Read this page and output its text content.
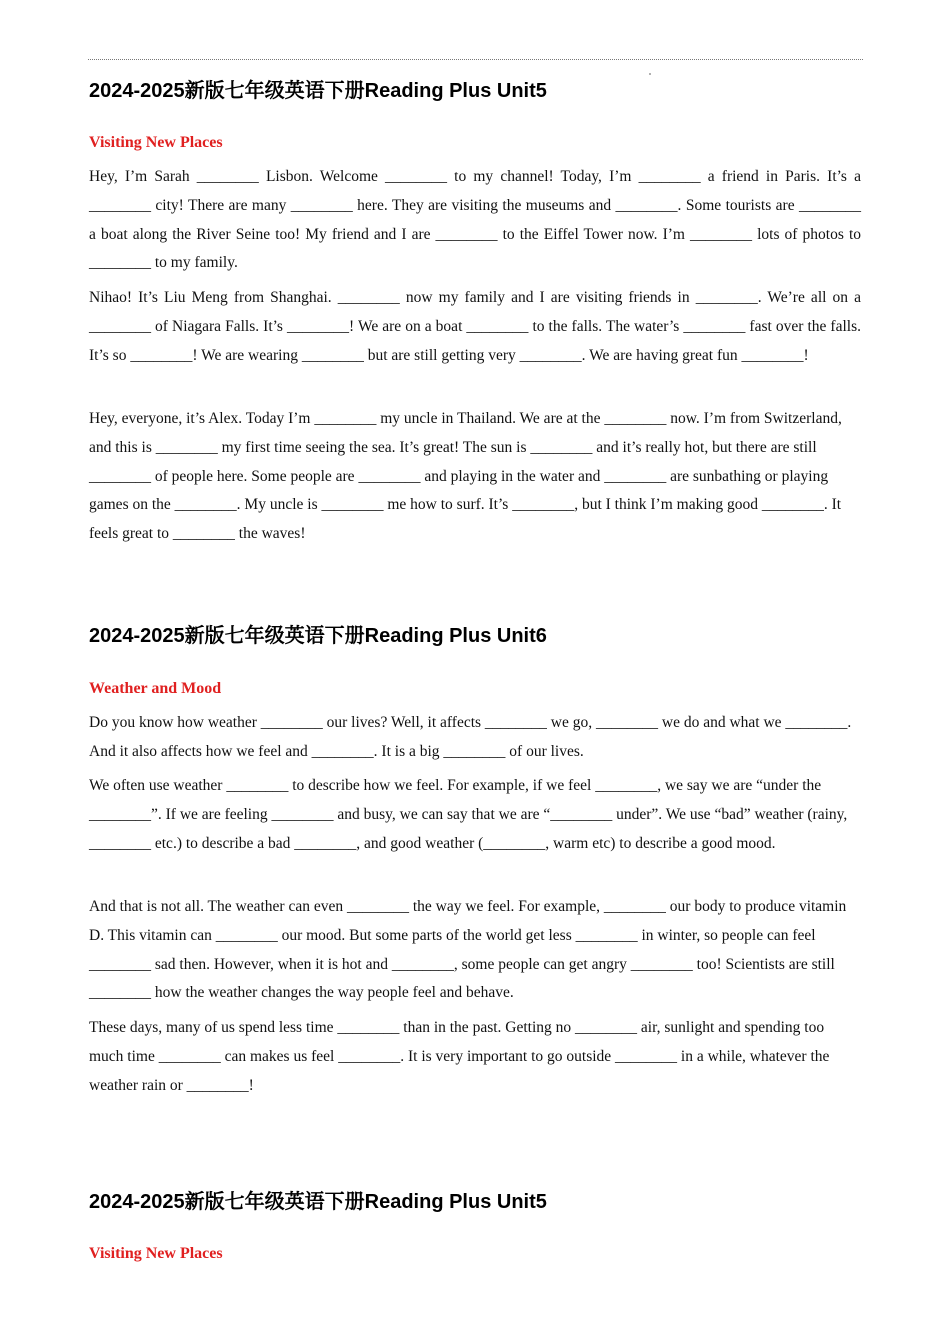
2024-2025新版七年级英语下册Reading Plus Unit5
Visiting New Places

Hey, I’m Sarah ________ Lisbon. Welcome ________ to my channel! Today, I’m ________ a friend in Paris. It’s a ________ city! There are many ________ here. They are visiting the museums and ________. Some tourists are ________ a boat along the River Seine too! My friend and I are ________ to the Eiffel Tower now. I’m ________ lots of photos to ________ to my family.

Nihao! It’s Liu Meng from Shanghai. ________ now my family and I are visiting friends in ________. We’re all on a ________ of Niagara Falls. It’s ________! We are on a boat ________ to the falls. The water’s ________ fast over the falls. It’s so ________! We are wearing ________ but are still getting very ________. We are having great fun ________!

Hey, everyone, it’s Alex. Today I’m ________ my uncle in Thailand. We are at the ________ now. I’m from Switzerland, and this is ________ my first time seeing the sea. It’s great! The sun is ________ and it’s really hot, but there are still ________ of people here. Some people are ________ and playing in the water and ________ are sunbathing or playing games on the ________. My uncle is ________ me how to surf. It’s ________, but I think I’m making good ________. It feels great to ________ the waves!

2024-2025新版七年级英语下册Reading Plus Unit6
Weather and Mood

Do you know how weather ________ our lives? Well, it affects ________ we go, ________ we do and what we ________. And it also affects how we feel and ________. It is a big ________ of our lives.

We often use weather ________ to describe how we feel. For example, if we feel ________, we say we are “under the ________”. If we are feeling ________ and busy, we can say that we are “________ under”. We use “bad” weather (rainy, ________ etc.) to describe a bad ________, and good weather (________, warm etc) to describe a good mood.

And that is not all. The weather can even ________ the way we feel. For example, ________ our body to produce vitamin D. This vitamin can ________ our mood. But some parts of the world get less ________ in winter, so people can feel ________ sad then. However, when it is hot and ________, some people can get angry ________ too! Scientists are still ________ how the weather changes the way people feel and behave.

These days, many of us spend less time ________ than in the past. Getting no ________ air, sunlight and spending too much time ________ can makes us feel ________. It is very important to go outside ________ in a while, whatever the weather rain or ________!

2024-2025新版七年级英语下册Reading Plus Unit5
Visiting New Places
